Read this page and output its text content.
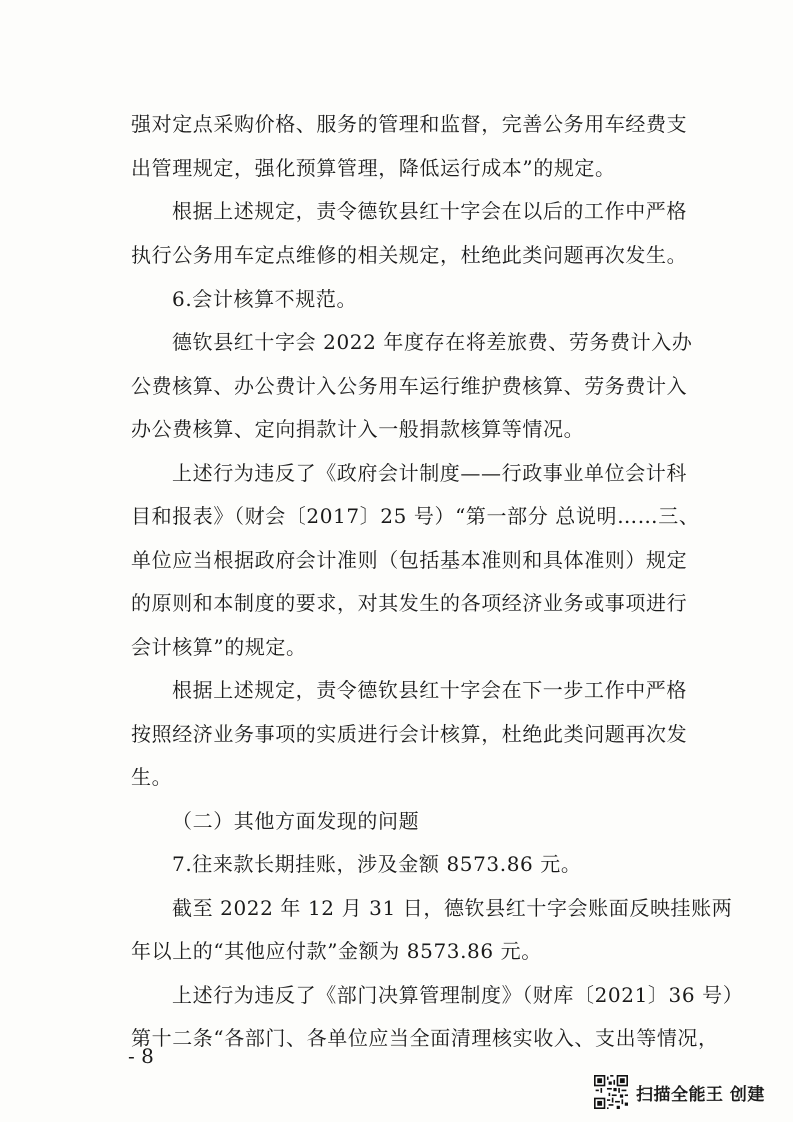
强对定点采购价格、服务的管理和监督，完善公务用车经费支
出管理规定，强化预算管理，降低运行成本”的规定。
根据上述规定，责令德钦县红十字会在以后的工作中严格
执行公务用车定点维修的相关规定，杜绝此类问题再次发生。
6.会计核算不规范。
德钦县红十字会 2022 年度存在将差旅费、劳务费计入办
公费核算、办公费计入公务用车运行维护费核算、劳务费计入
办公费核算、定向捐款计入一般捐款核算等情况。
上述行为违反了《政府会计制度——行政事业单位会计科
目和报表》（财会〔2017〕25 号）“第一部分 总说明……三、
单位应当根据政府会计准则（包括基本准则和具体准则）规定
的原则和本制度的要求，对其发生的各项经济业务或事项进行
会计核算”的规定。
根据上述规定，责令德钦县红十字会在下一步工作中严格
按照经济业务事项的实质进行会计核算，杜绝此类问题再次发
生。
（二）其他方面发现的问题
7.往来款长期挂账，涉及金额 8573.86 元。
截至 2022 年 12 月 31 日，德钦县红十字会账面反映挂账两
年以上的“其他应付款”金额为 8573.86 元。
上述行为违反了《部门决算管理制度》（财库〔2021〕36 号）
第十二条“各部门、各单位应当全面清理核实收入、支出等情况，
- 8
扫描全能王 创建
